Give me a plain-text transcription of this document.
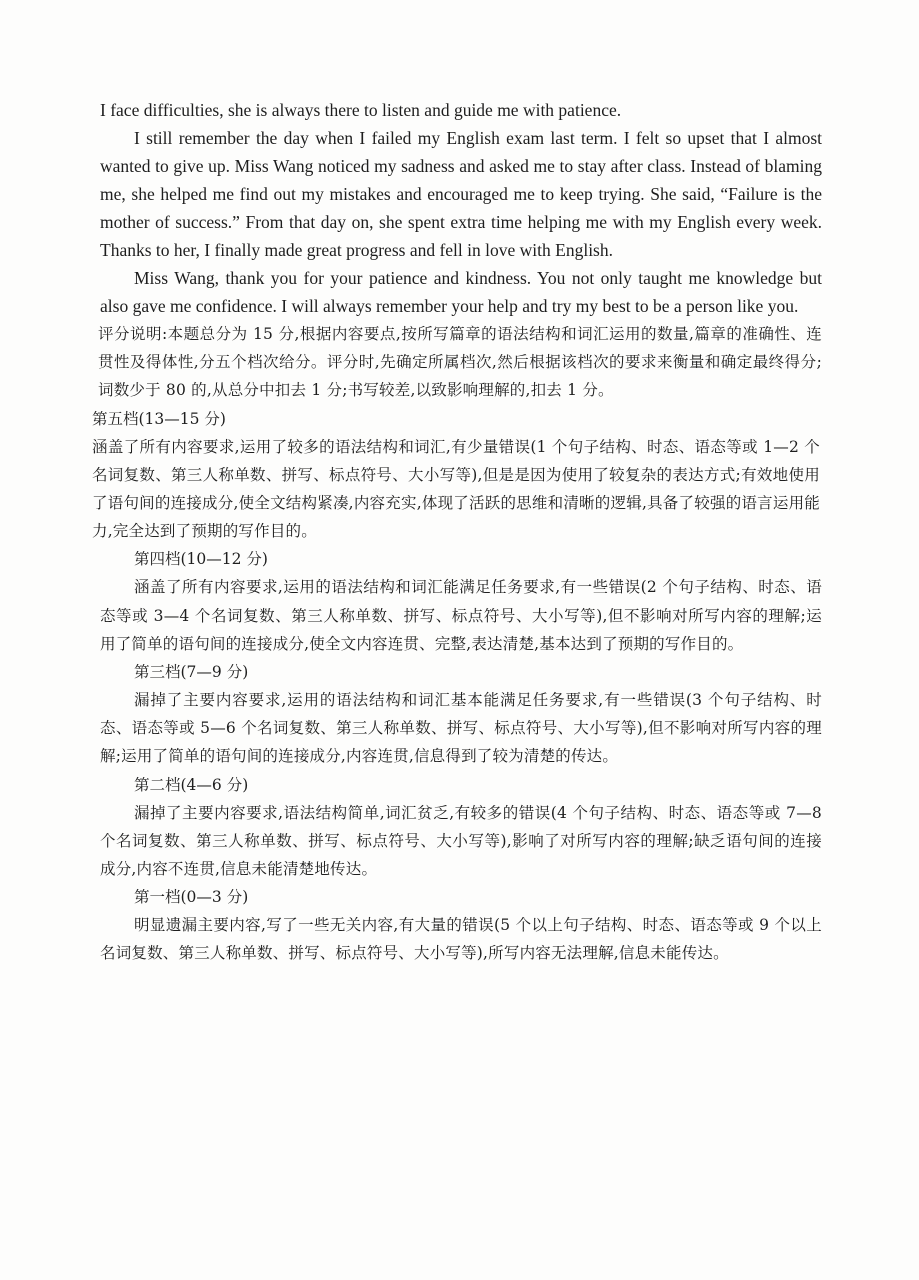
I face difficulties, she is always there to listen and guide me with patience.

I still remember the day when I failed my English exam last term. I felt so upset that I almost wanted to give up. Miss Wang noticed my sadness and asked me to stay after class. Instead of blaming me, she helped me find out my mistakes and encouraged me to keep trying. She said, “Failure is the mother of success.” From that day on, she spent extra time helping me with my English every week. Thanks to her, I finally made great progress and fell in love with English.

Miss Wang, thank you for your patience and kindness. You not only taught me knowledge but also gave me confidence. I will always remember your help and try my best to be a person like you.

评分说明:本题总分为 15 分,根据内容要点,按所写篇章的语法结构和词汇运用的数量,篇章的准确性、连贯性及得体性,分五个档次给分。评分时,先确定所属档次,然后根据该档次的要求来衡量和确定最终得分;词数少于 80 的,从总分中扣去 1 分;书写较差,以致影响理解的,扣去 1 分。

第五档(13—15 分)

涵盖了所有内容要求,运用了较多的语法结构和词汇,有少量错误(1 个句子结构、时态、语态等或 1—2 个名词复数、第三人称单数、拼写、标点符号、大小写等),但是是因为使用了较复杂的表达方式;有效地使用了语句间的连接成分,使全文结构紧凑,内容充实,体现了活跃的思维和清晰的逻辑,具备了较强的语言运用能力,完全达到了预期的写作目的。

第四档(10—12 分)

涵盖了所有内容要求,运用的语法结构和词汇能满足任务要求,有一些错误(2 个句子结构、时态、语态等或 3—4 个名词复数、第三人称单数、拼写、标点符号、大小写等),但不影响对所写内容的理解;运用了简单的语句间的连接成分,使全文内容连贯、完整,表达清楚,基本达到了预期的写作目的。

第三档(7—9 分)

漏掉了主要内容要求,运用的语法结构和词汇基本能满足任务要求,有一些错误(3 个句子结构、时态、语态等或 5—6 个名词复数、第三人称单数、拼写、标点符号、大小写等),但不影响对所写内容的理解;运用了简单的语句间的连接成分,内容连贯,信息得到了较为清楚的传达。

第二档(4—6 分)

漏掉了主要内容要求,语法结构简单,词汇贫乏,有较多的错误(4 个句子结构、时态、语态等或 7—8 个名词复数、第三人称单数、拼写、标点符号、大小写等),影响了对所写内容的理解;缺乏语句间的连接成分,内容不连贯,信息未能清楚地传达。

第一档(0—3 分)

明显遗漏主要内容,写了一些无关内容,有大量的错误(5 个以上句子结构、时态、语态等或 9 个以上名词复数、第三人称单数、拼写、标点符号、大小写等),所写内容无法理解,信息未能传达。
